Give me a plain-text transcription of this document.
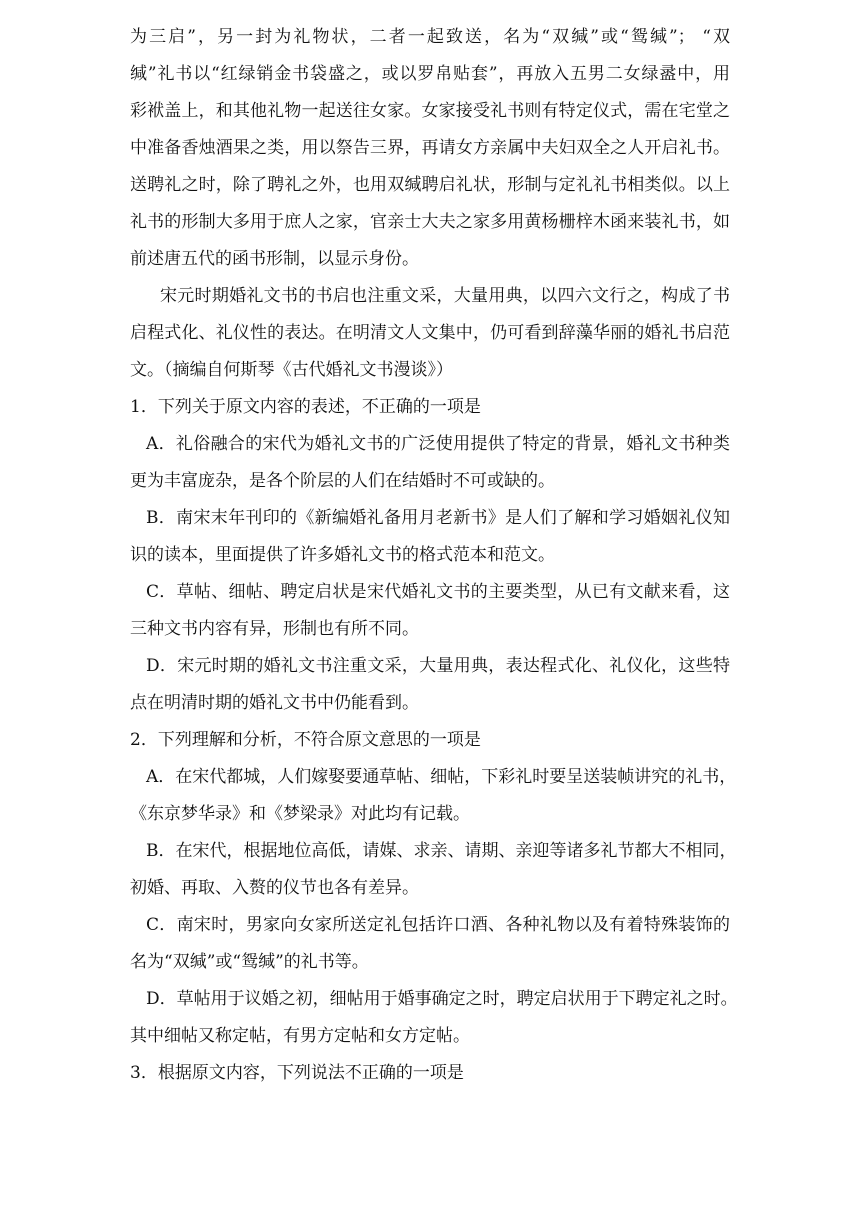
为三启”，另一封为礼物状，二者一起致送，名为“双缄”或“鸳缄”； “双
缄”礼书以“红绿销金书袋盛之，或以罗帛贴套”，再放入五男二女绿盝中，用
彩袱盖上，和其他礼物一起送往女家。女家接受礼书则有特定仪式，需在宅堂之
中准备香烛酒果之类，用以祭告三界，再请女方亲属中夫妇双全之人开启礼书。
送聘礼之时，除了聘礼之外，也用双缄聘启礼状，形制与定礼礼书相类似。以上
礼书的形制大多用于庶人之家，官亲士大夫之家多用黄杨栅梓木函来装礼书，如
前述唐五代的函书形制，以显示身份。
宋元时期婚礼文书的书启也注重文采，大量用典，以四六文行之，构成了书
启程式化、礼仪性的表达。在明清文人文集中，仍可看到辞藻华丽的婚礼书启范
文。（摘编自何斯琴《古代婚礼文书漫谈》）
1．下列关于原文内容的表述，不正确的一项是
A．礼俗融合的宋代为婚礼文书的广泛使用提供了特定的背景，婚礼文书种类
更为丰富庞杂，是各个阶层的人们在结婚时不可或缺的。
B．南宋末年刊印的《新编婚礼备用月老新书》是人们了解和学习婚姻礼仪知
识的读本，里面提供了许多婚礼文书的格式范本和范文。
C．草帖、细帖、聘定启状是宋代婚礼文书的主要类型，从已有文献来看，这
三种文书内容有异，形制也有所不同。
D．宋元时期的婚礼文书注重文采，大量用典，表达程式化、礼仪化，这些特
点在明清时期的婚礼文书中仍能看到。
2．下列理解和分析，不符合原文意思的一项是
A．在宋代都城，人们嫁娶要通草帖、细帖，下彩礼时要呈送装帧讲究的礼书，
《东京梦华录》和《梦梁录》对此均有记载。
B．在宋代，根据地位高低，请媒、求亲、请期、亲迎等诸多礼节都大不相同，
初婚、再取、入赘的仪节也各有差异。
C．南宋时，男家向女家所送定礼包括许口酒、各种礼物以及有着特殊装饰的
名为“双缄”或“鸳缄”的礼书等。
D．草帖用于议婚之初，细帖用于婚事确定之时，聘定启状用于下聘定礼之时。
其中细帖又称定帖，有男方定帖和女方定帖。
3．根据原文内容，下列说法不正确的一项是
